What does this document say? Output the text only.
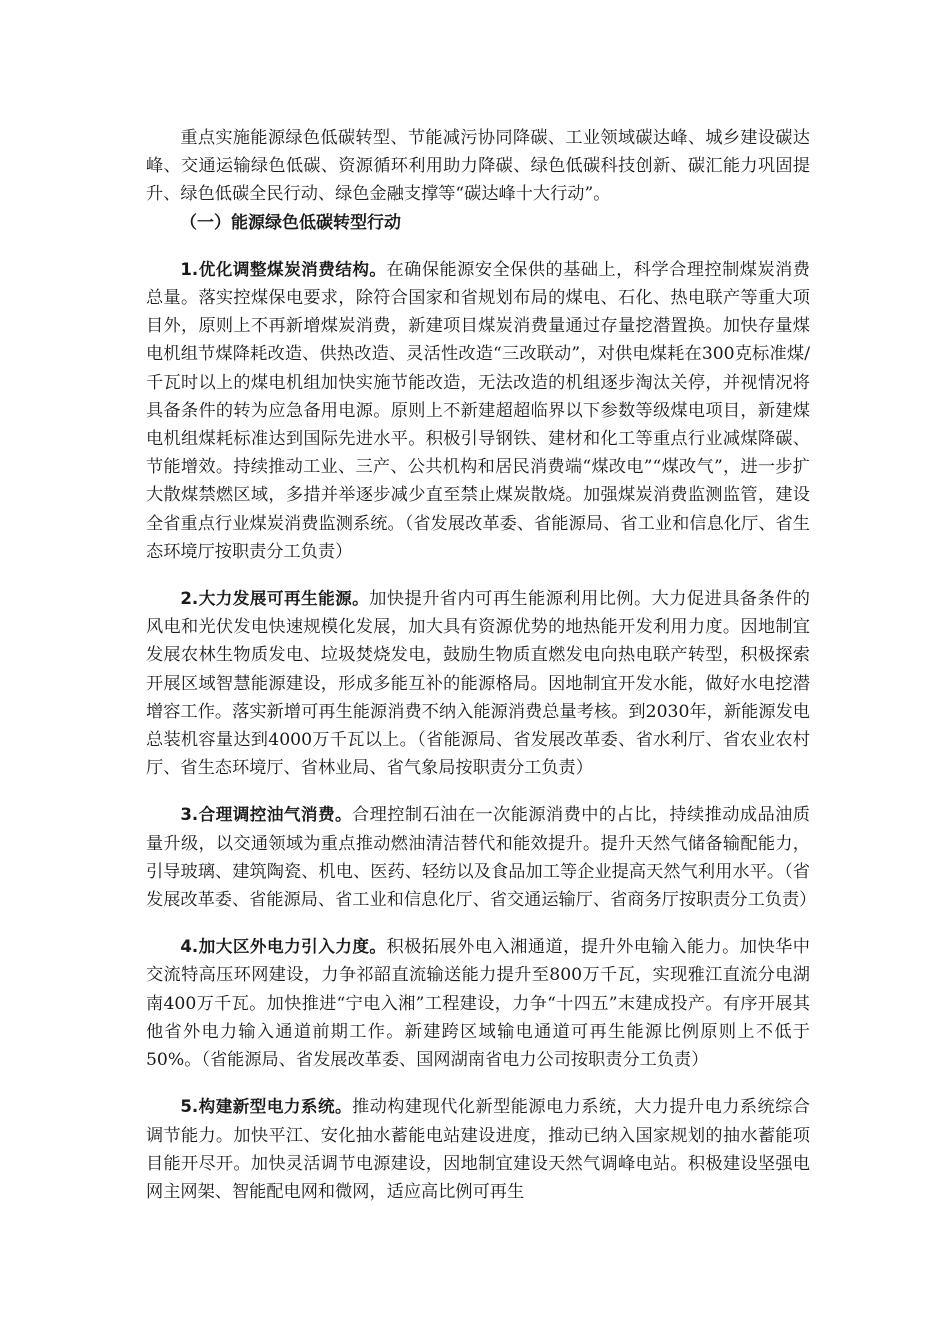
重点实施能源绿色低碳转型、节能减污协同降碳、工业领域碳达峰、城乡建设碳达峰、交通运输绿色低碳、资源循环利用助力降碳、绿色低碳科技创新、碳汇能力巩固提升、绿色低碳全民行动、绿色金融支撑等“碳达峰十大行动”。

（一）能源绿色低碳转型行动

1.优化调整煤炭消费结构。在确保能源安全保供的基础上，科学合理控制煤炭消费总量。落实控煤保电要求，除符合国家和省规划布局的煤电、石化、热电联产等重大项目外，原则上不再新增煤炭消费，新建项目煤炭消费量通过存量挖潜置换。加快存量煤电机组节煤降耗改造、供热改造、灵活性改造“三改联动”，对供电煤耗在300克标准煤/千瓦时以上的煤电机组加快实施节能改造，无法改造的机组逐步淘汰关停，并视情况将具备条件的转为应急备用电源。原则上不新建超超临界以下参数等级煤电项目，新建煤电机组煤耗标准达到国际先进水平。积极引导钢铁、建材和化工等重点行业减煤降碳、节能增效。持续推动工业、三产、公共机构和居民消费端“煤改电”“煤改气”，进一步扩大散煤禁燃区域，多措并举逐步减少直至禁止煤炭散烧。加强煤炭消费监测监管，建设全省重点行业煤炭消费监测系统。（省发展改革委、省能源局、省工业和信息化厅、省生态环境厅按职责分工负责）

2.大力发展可再生能源。加快提升省内可再生能源利用比例。大力促进具备条件的风电和光伏发电快速规模化发展，加大具有资源优势的地热能开发利用力度。因地制宜发展农林生物质发电、垃圾焚烧发电，鼓励生物质直燃发电向热电联产转型，积极探索开展区域智慧能源建设，形成多能互补的能源格局。因地制宜开发水能，做好水电挖潜增容工作。落实新增可再生能源消费不纳入能源消费总量考核。到2030年，新能源发电总装机容量达到4000万千瓦以上。（省能源局、省发展改革委、省水利厅、省农业农村厅、省生态环境厅、省林业局、省气象局按职责分工负责）

3.合理调控油气消费。合理控制石油在一次能源消费中的占比，持续推动成品油质量升级，以交通领域为重点推动燃油清洁替代和能效提升。提升天然气储备输配能力，引导玻璃、建筑陶瓷、机电、医药、轻纺以及食品加工等企业提高天然气利用水平。（省发展改革委、省能源局、省工业和信息化厅、省交通运输厅、省商务厅按职责分工负责）

4.加大区外电力引入力度。积极拓展外电入湘通道，提升外电输入能力。加快华中交流特高压环网建设，力争祁韶直流输送能力提升至800万千瓦，实现雅江直流分电湖南400万千瓦。加快推进“宁电入湘”工程建设，力争“十四五”末建成投产。有序开展其他省外电力输入通道前期工作。新建跨区域输电通道可再生能源比例原则上不低于50%。（省能源局、省发展改革委、国网湖南省电力公司按职责分工负责）

5.构建新型电力系统。推动构建现代化新型能源电力系统，大力提升电力系统综合调节能力。加快平江、安化抽水蓄能电站建设进度，推动已纳入国家规划的抽水蓄能项目能开尽开。加快灵活调节电源建设，因地制宜建设天然气调峰电站。积极建设坚强电网主网架、智能配电网和微网，适应高比例可再生
